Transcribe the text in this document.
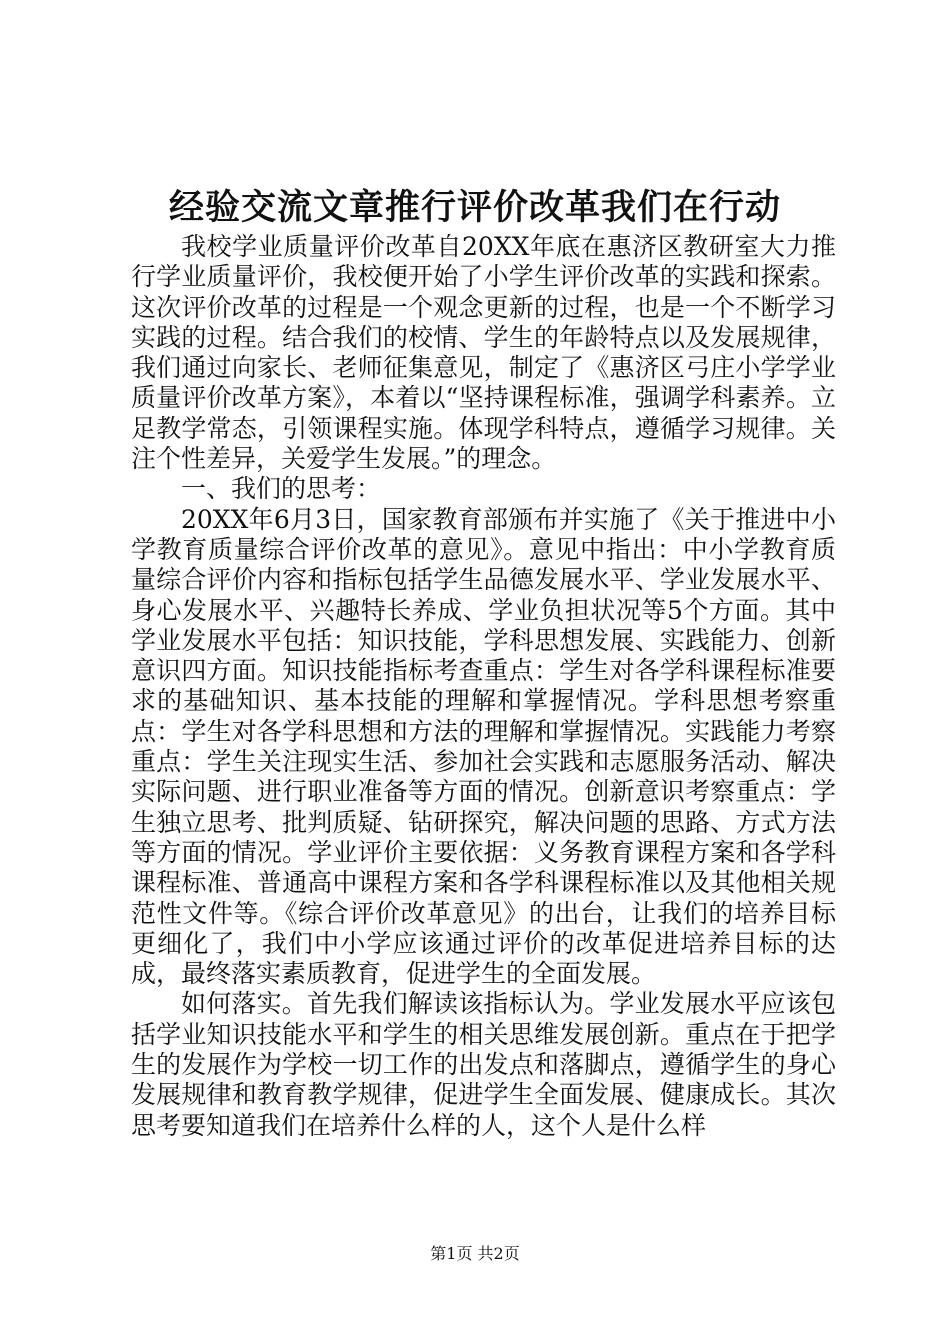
经验交流文章推行评价改革我们在行动

我校学业质量评价改革自20XX年底在惠济区教研室大力推行学业质量评价，我校便开始了小学生评价改革的实践和探索。这次评价改革的过程是一个观念更新的过程，也是一个不断学习实践的过程。结合我们的校情、学生的年龄特点以及发展规律，我们通过向家长、老师征集意见，制定了《惠济区弓庄小学学业质量评价改革方案》，本着以“坚持课程标准，强调学科素养。立足教学常态，引领课程实施。体现学科特点，遵循学习规律。关注个性差异，关爱学生发展。”的理念。

一、我们的思考：

20XX年6月3日，国家教育部颁布并实施了《关于推进中小学教育质量综合评价改革的意见》。意见中指出：中小学教育质量综合评价内容和指标包括学生品德发展水平、学业发展水平、身心发展水平、兴趣特长养成、学业负担状况等5个方面。其中学业发展水平包括：知识技能，学科思想发展、实践能力、创新意识四方面。知识技能指标考查重点：学生对各学科课程标准要求的基础知识、基本技能的理解和掌握情况。学科思想考察重点：学生对各学科思想和方法的理解和掌握情况。实践能力考察重点：学生关注现实生活、参加社会实践和志愿服务活动、解决实际问题、进行职业准备等方面的情况。创新意识考察重点：学生独立思考、批判质疑、钻研探究，解决问题的思路、方式方法等方面的情况。学业评价主要依据：义务教育课程方案和各学科课程标准、普通高中课程方案和各学科课程标准以及其他相关规范性文件等。《综合评价改革意见》的出台，让我们的培养目标更细化了，我们中小学应该通过评价的改革促进培养目标的达成，最终落实素质教育，促进学生的全面发展。

如何落实。首先我们解读该指标认为。学业发展水平应该包括学业知识技能水平和学生的相关思维发展创新。重点在于把学生的发展作为学校一切工作的出发点和落脚点，遵循学生的身心发展规律和教育教学规律，促进学生全面发展、健康成长。其次思考要知道我们在培养什么样的人，这个人是什么样

第1页 共2页
